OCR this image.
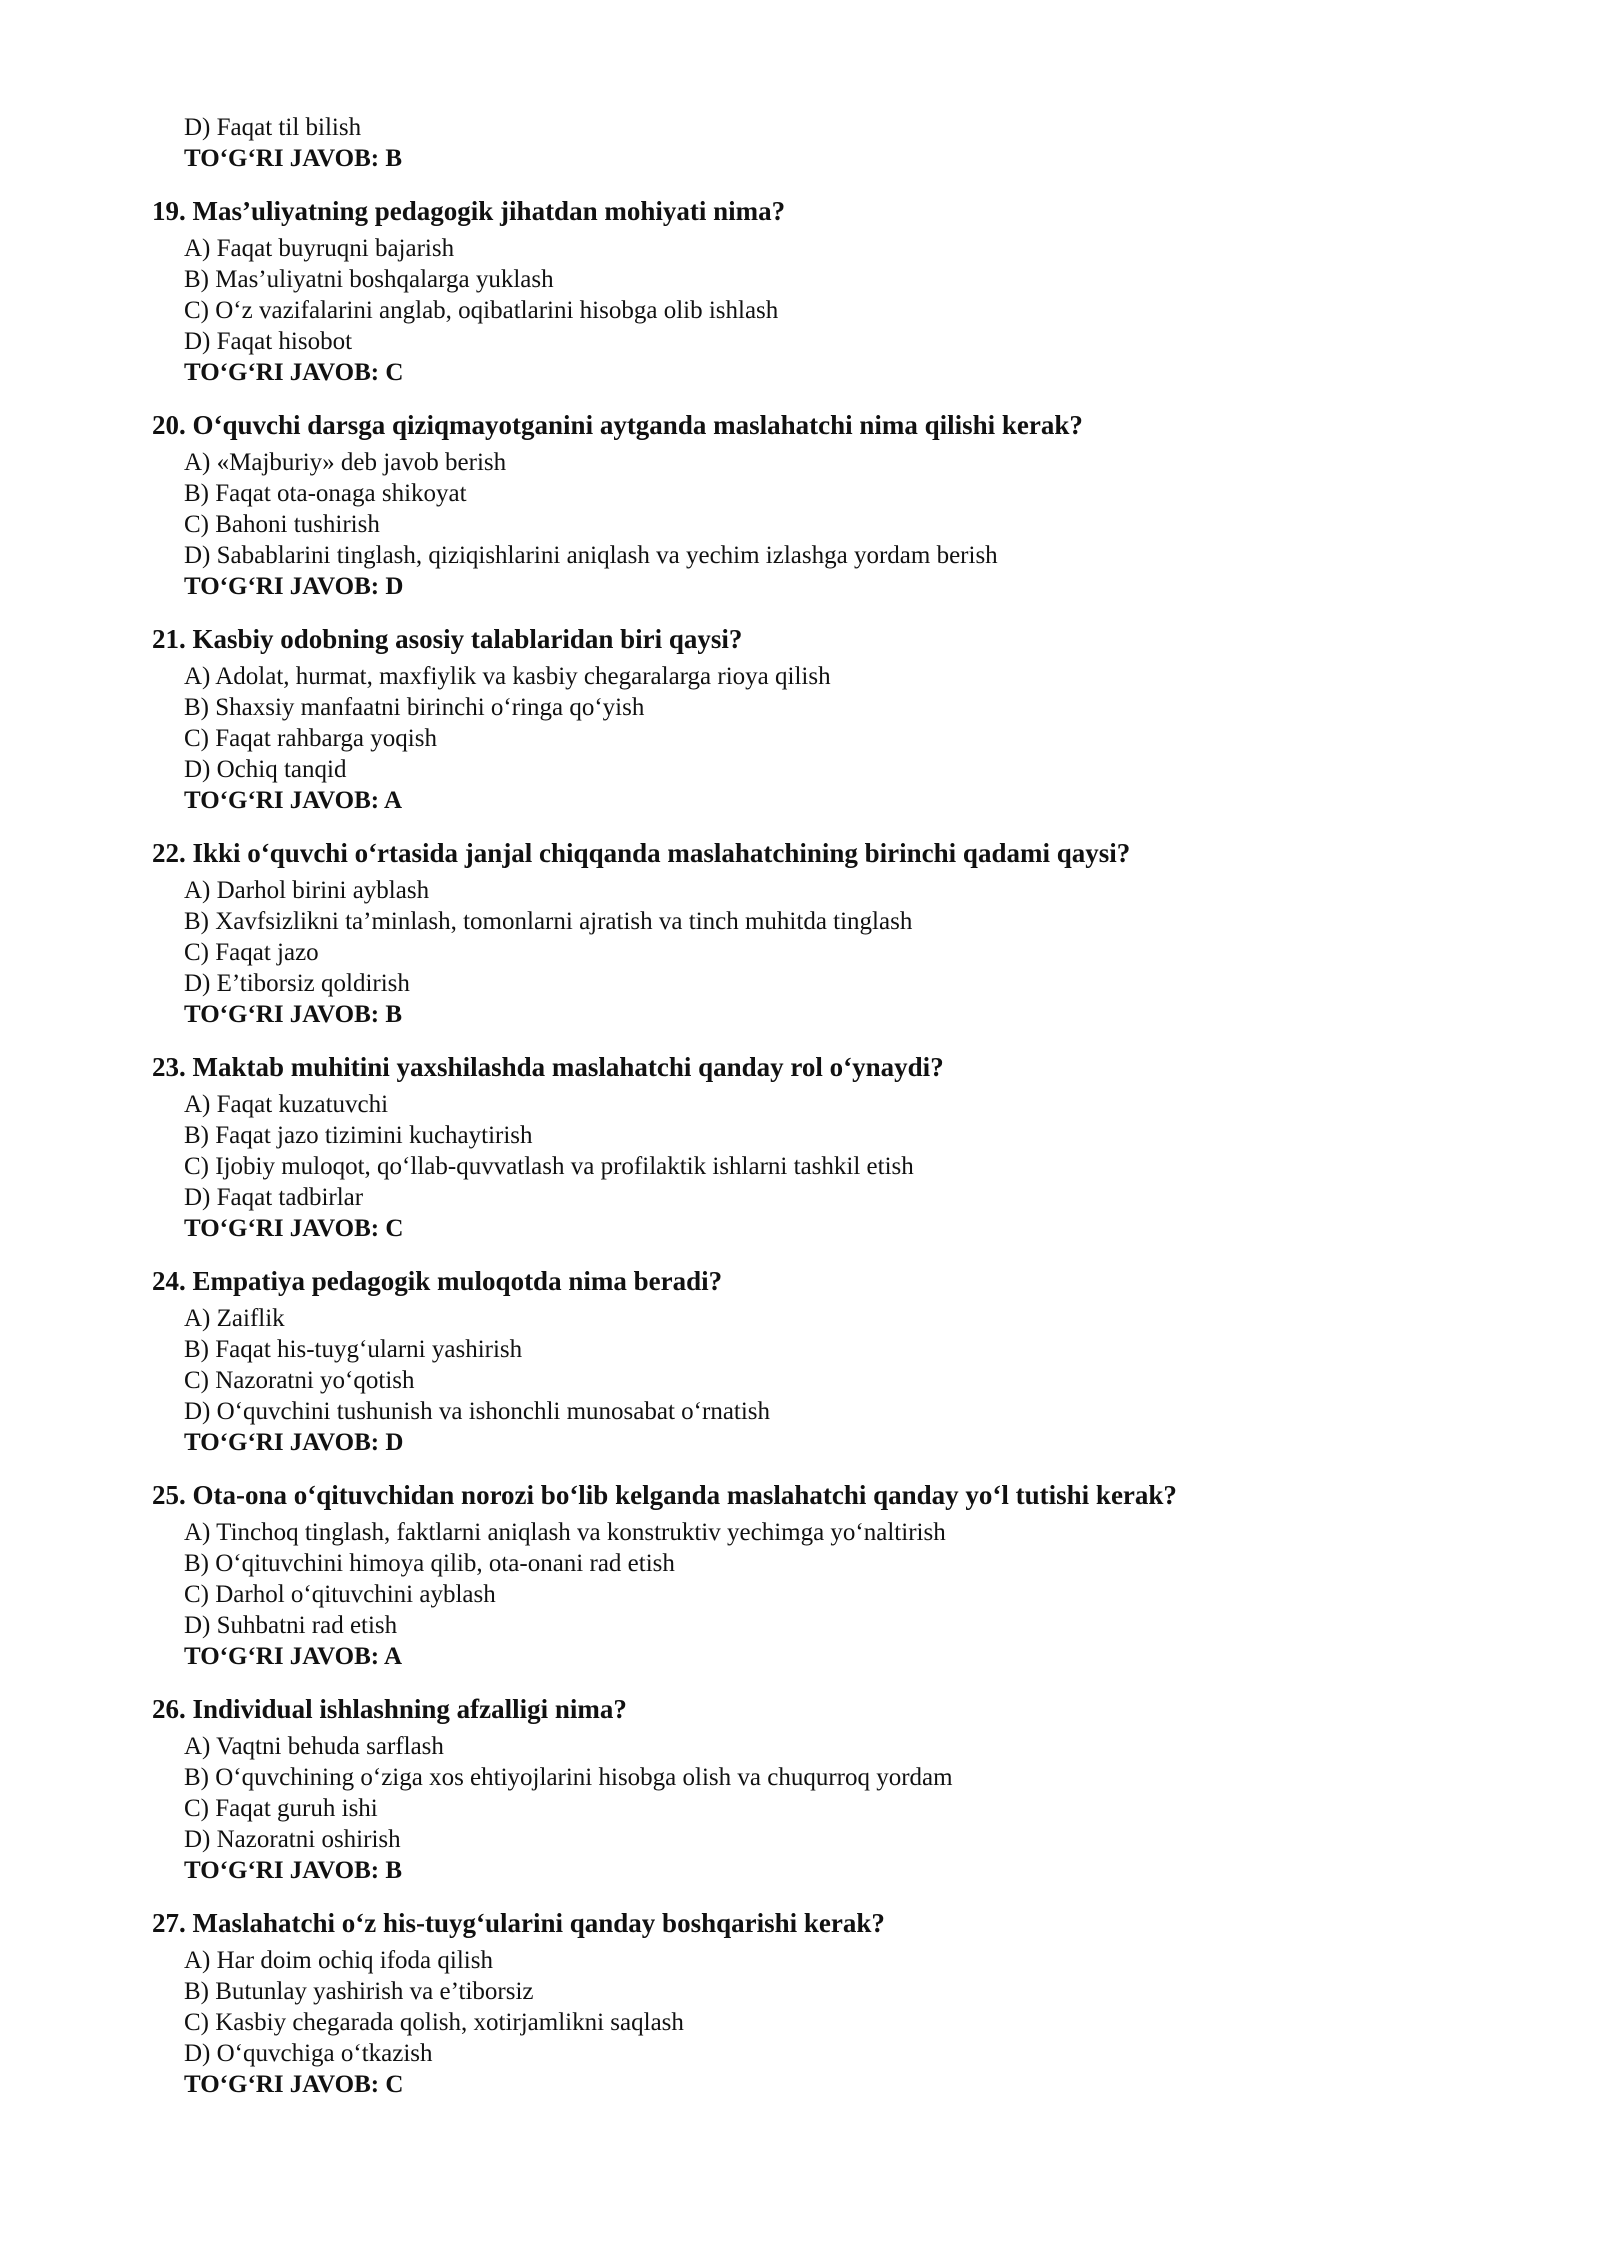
D) Faqat til bilish
TO‘G‘RI JAVOB: B
19. Mas’uliyatning pedagogik jihatdan mohiyati nima?
A) Faqat buyruqni bajarish
B) Mas’uliyatni boshqalarga yuklash
C) O‘z vazifalarini anglab, oqibatlarini hisobga olib ishlash
D) Faqat hisobot
TO‘G‘RI JAVOB: C
20. O‘quvchi darsga qiziqmayotganini aytganda maslahatchi nima qilishi kerak?
A) «Majburiy» deb javob berish
B) Faqat ota-onaga shikoyat
C) Bahoni tushirish
D) Sabablarini tinglash, qiziqishlarini aniqlash va yechim izlashga yordam berish
TO‘G‘RI JAVOB: D
21. Kasbiy odobning asosiy talablaridan biri qaysi?
A) Adolat, hurmat, maxfiylik va kasbiy chegaralarga rioya qilish
B) Shaxsiy manfaatni birinchi o‘ringa qo‘yish
C) Faqat rahbarga yoqish
D) Ochiq tanqid
TO‘G‘RI JAVOB: A
22. Ikki o‘quvchi o‘rtasida janjal chiqqanda maslahatchining birinchi qadami qaysi?
A) Darhol birini ayblash
B) Xavfsizlikni ta’minlash, tomonlarni ajratish va tinch muhitda tinglash
C) Faqat jazo
D) E’tiborsiz qoldirish
TO‘G‘RI JAVOB: B
23. Maktab muhitini yaxshilashda maslahatchi qanday rol o‘ynaydi?
A) Faqat kuzatuvchi
B) Faqat jazo tizimini kuchaytirish
C) Ijobiy muloqot, qo‘llab-quvvatlash va profilaktik ishlarni tashkil etish
D) Faqat tadbirlar
TO‘G‘RI JAVOB: C
24. Empatiya pedagogik muloqotda nima beradi?
A) Zaiflik
B) Faqat his-tuyg‘ularni yashirish
C) Nazoratni yo‘qotish
D) O‘quvchini tushunish va ishonchli munosabat o‘rnatish
TO‘G‘RI JAVOB: D
25. Ota-ona o‘qituvchidan norozi bo‘lib kelganda maslahatchi qanday yo‘l tutishi kerak?
A) Tinchoq tinglash, faktlarni aniqlash va konstruktiv yechimga yo‘naltirish
B) O‘qituvchini himoya qilib, ota-onani rad etish
C) Darhol o‘qituvchini ayblash
D) Suhbatni rad etish
TO‘G‘RI JAVOB: A
26. Individual ishlashning afzalligi nima?
A) Vaqtni behuda sarflash
B) O‘quvchining o‘ziga xos ehtiyojlarini hisobga olish va chuqurroq yordam
C) Faqat guruh ishi
D) Nazoratni oshirish
TO‘G‘RI JAVOB: B
27. Maslahatchi o‘z his-tuyg‘ularini qanday boshqarishi kerak?
A) Har doim ochiq ifoda qilish
B) Butunlay yashirish va e’tiborsiz
C) Kasbiy chegarada qolish, xotirjamlikni saqlash
D) O‘quvchiga o‘tkazish
TO‘G‘RI JAVOB: C
